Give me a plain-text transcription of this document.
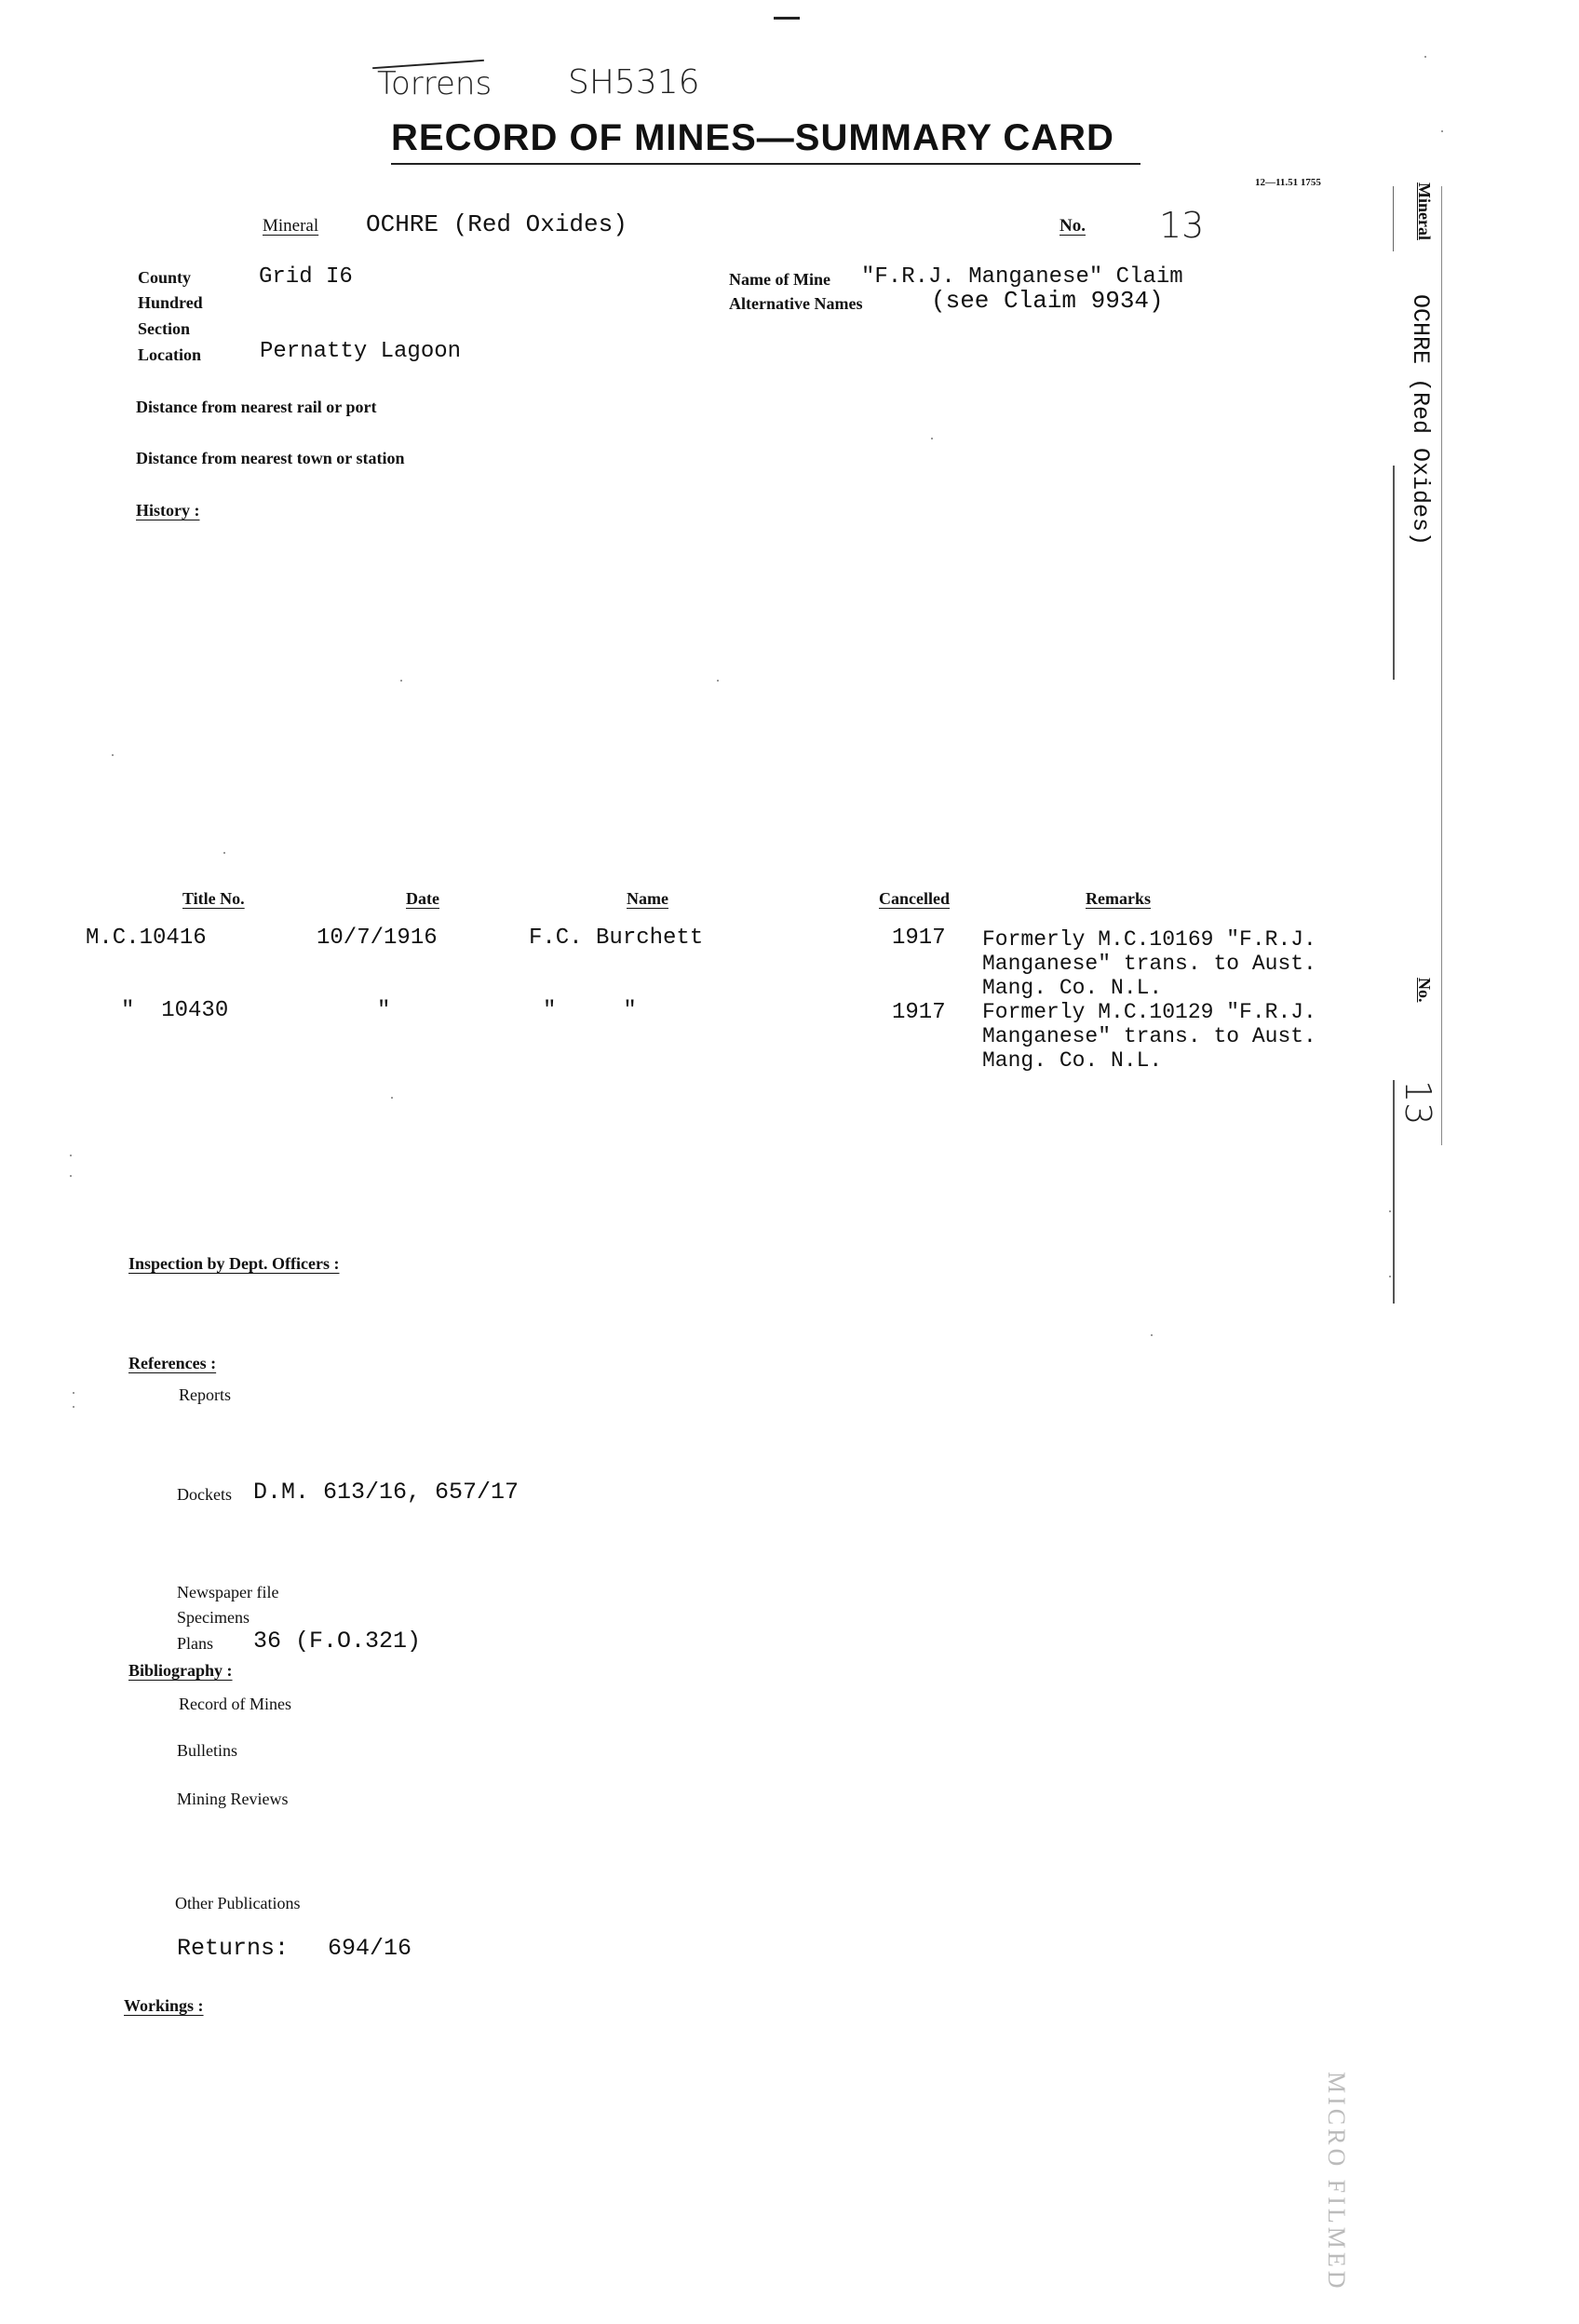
Torrens SH5316
RECORD OF MINES—SUMMARY CARD
12—11.51 1755
Mineral OCHRE (Red Oxides)	No. 13
County	Grid I6
Hundred
Section
Location	Pernatty Lagoon
Name of Mine "F.R.J. Manganese" Claim
Alternative Names	(see Claim 9934)
Distance from nearest rail or port
Distance from nearest town or station
History :
Title No.	Date	Name	Cancelled	Remarks
M.C.10416	10/7/1916	F.C. Burchett	1917 Formerly M.C.10169 "F.R.J.
Manganese" trans. to Aust.
Mang. Co. N.L.
"  10430	"	"     "	1917 Formerly M.C.10129 "F.R.J.
Manganese" trans. to Aust.
Mang. Co. N.L.
Inspection by Dept. Officers :
References :
Reports
Dockets D.M. 613/16, 657/17
Newspaper file
Specimens
Plans 36 (F.O.321)
Bibliography :
Record of Mines
Bulletins
Mining Reviews
Other Publications
Returns: 694/16
Workings :
Mineral
OCHRE (Red Oxides)
No.
13
MICRO FILMED
